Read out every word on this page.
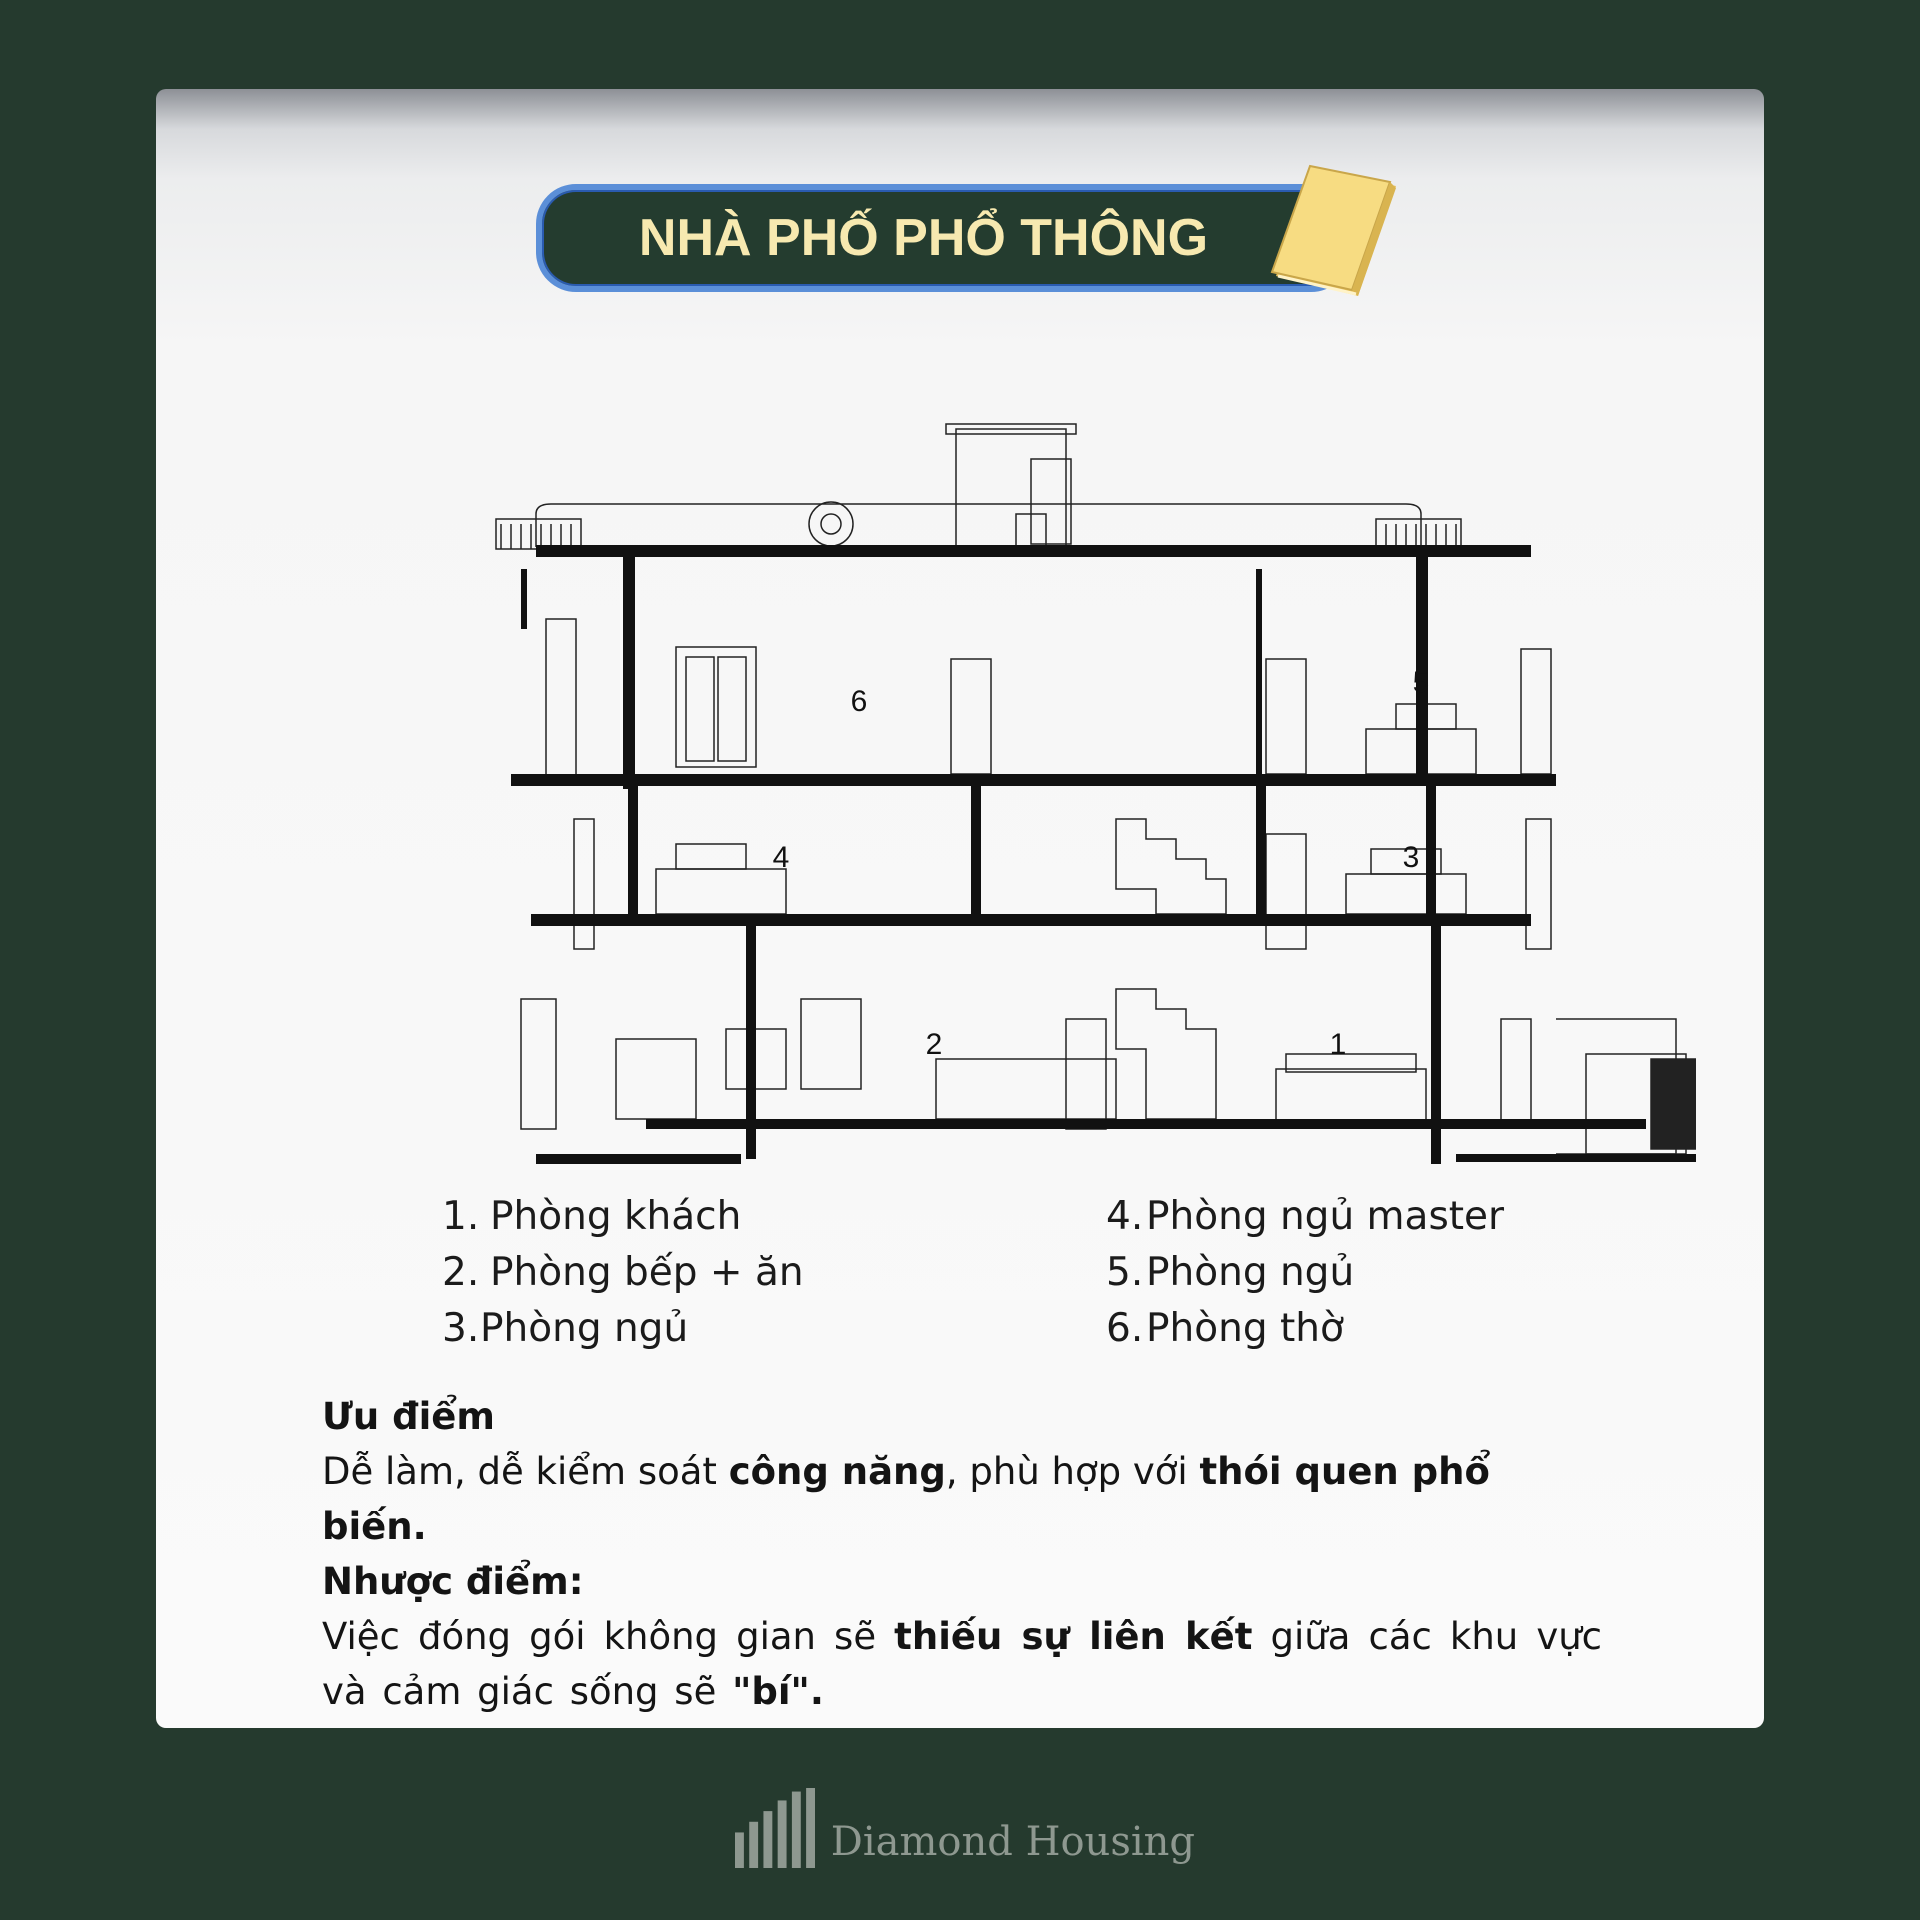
NHÀ PHỐ PHỔ THÔNG
1
2
3
4
5
6
1. Phòng khách
2. Phòng bếp + ăn
3. Phòng ngủ
4. Phòng ngủ master
5. Phòng ngủ
6. Phòng thờ

Ưu điểm

Dễ làm, dễ kiểm soát công năng, phù hợp với thói quen phổ biến.

Nhược điểm:

Việc đóng gói không gian sẽ thiếu sự liên kết giữa các khu vực và cảm giác sống sẽ "bí".

Diamond Housing
